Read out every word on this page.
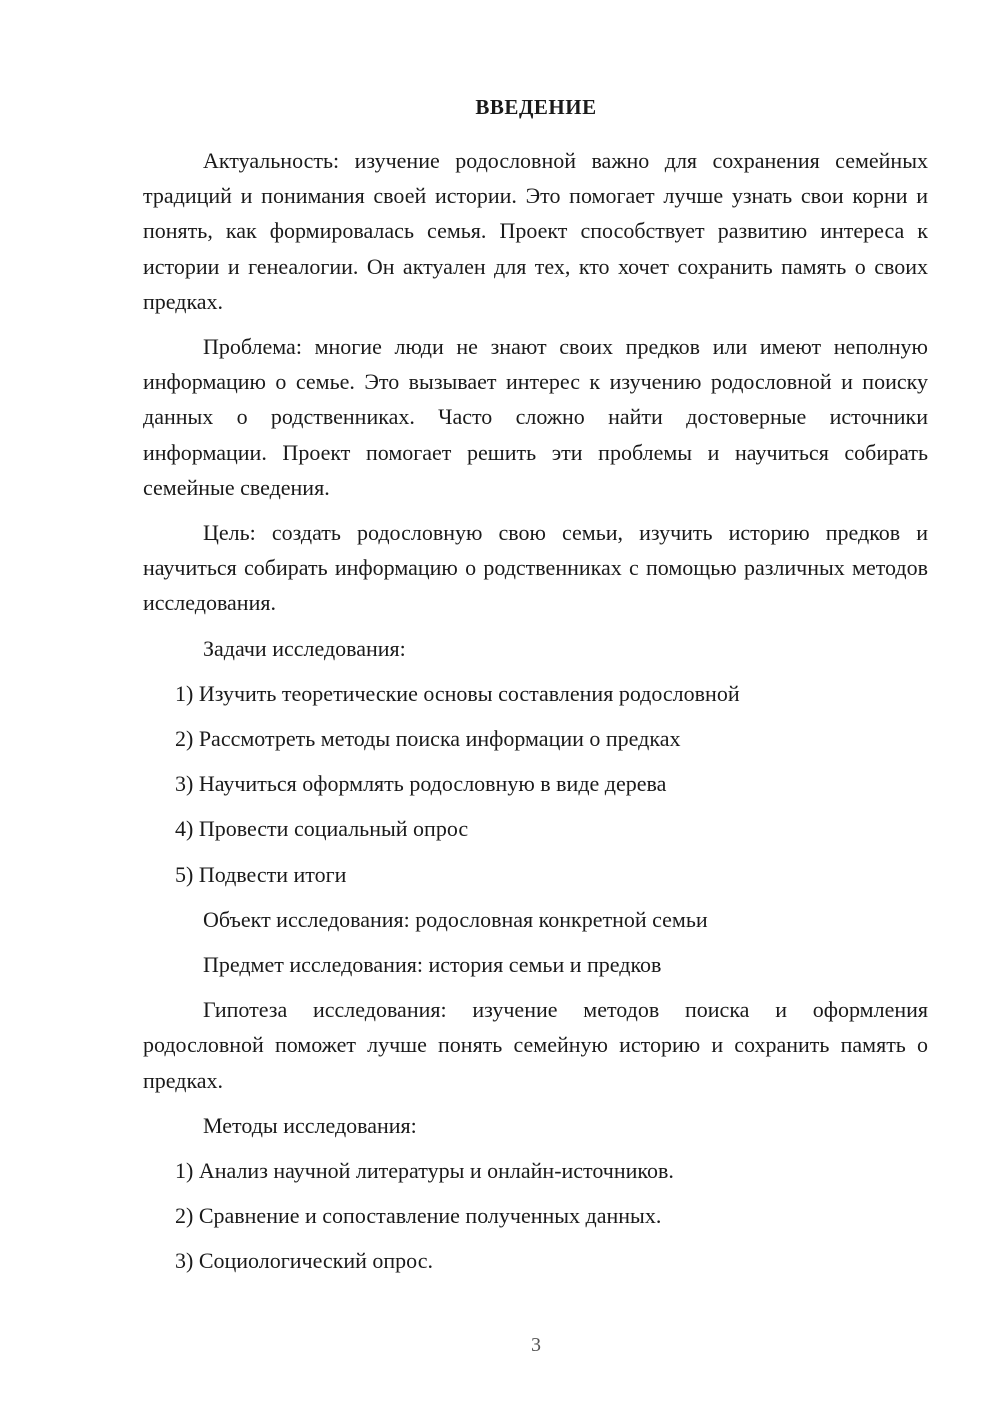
ВВЕДЕНИЕ

Актуальность: изучение родословной важно для сохранения семейных традиций и понимания своей истории. Это помогает лучше узнать свои корни и понять, как формировалась семья. Проект способствует развитию интереса к истории и генеалогии. Он актуален для тех, кто хочет сохранить память о своих предках.

Проблема: многие люди не знают своих предков или имеют неполную информацию о семье. Это вызывает интерес к изучению родословной и поиску данных о родственниках. Часто сложно найти достоверные источники информации. Проект помогает решить эти проблемы и научиться собирать семейные сведения.

Цель: создать родословную свою семьи, изучить историю предков и научиться собирать информацию о родственниках с помощью различных методов исследования.

Задачи исследования:

1) Изучить теоретические основы составления родословной

2) Рассмотреть методы поиска информации о предках

3) Научиться оформлять родословную в виде дерева

4) Провести социальный опрос

5) Подвести итоги

Объект исследования: родословная конкретной семьи

Предмет исследования: история семьи и предков

Гипотеза исследования: изучение методов поиска и оформления родословной поможет лучше понять семейную историю и сохранить память о предках.

Методы исследования:

1) Анализ научной литературы и онлайн-источников.

2) Сравнение и сопоставление полученных данных.

3) Социологический опрос.

3
